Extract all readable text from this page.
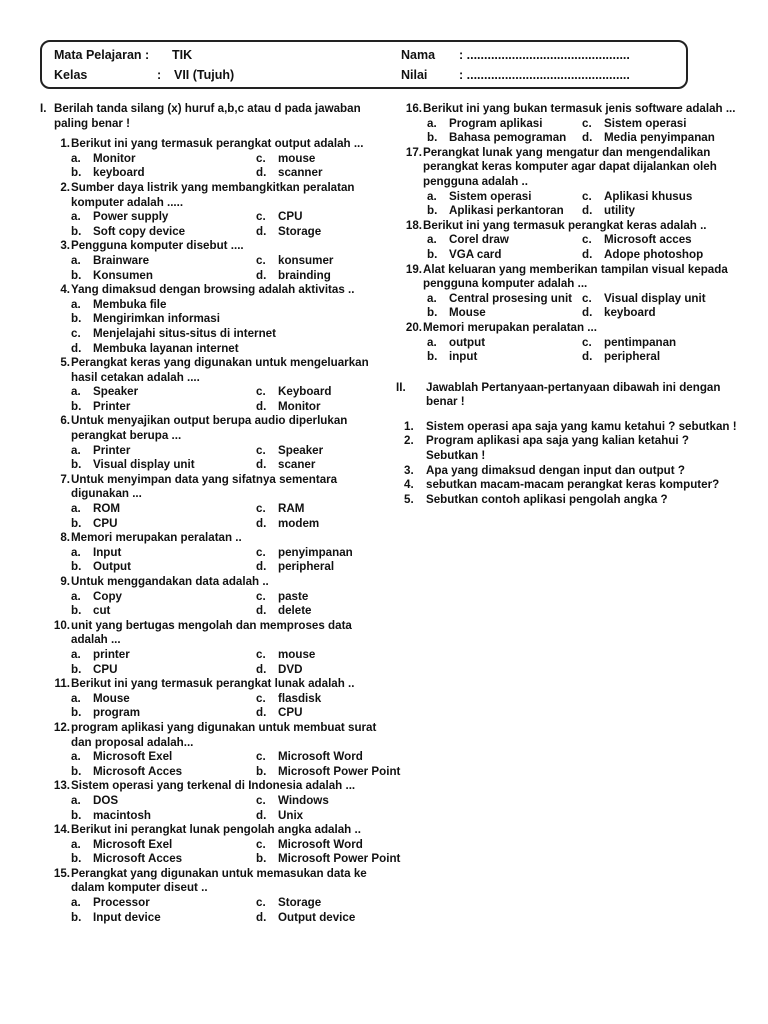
Mata Pelajaran : TIK
Kelas	: VII (Tujuh)
Nama : ...............................................
Nilai	: ...............................................
I. Berilah tanda silang (x) huruf a,b,c atau d pada jawaban paling benar !
1. Berikut ini yang termasuk perangkat output adalah ...
a.	Monitor	c.	mouse
b.	keyboard	d.	scanner
2. Sumber daya listrik yang membangkitkan peralatan komputer adalah .....
a.	Power supply	c.	CPU
b.	Soft copy device	d.	Storage
3. Pengguna komputer disebut ....
a.	Brainware	c.	konsumer
b.	Konsumen	d.	brainding
4. Yang dimaksud dengan browsing adalah aktivitas ..
a.	Membuka file
b.	Mengirimkan informasi
c.	Menjelajahi situs-situs di internet
d.	Membuka layanan internet
5. Perangkat keras yang digunakan untuk mengeluarkan hasil cetakan adalah ....
a.	Speaker	c.	Keyboard
b.	Printer	d.	Monitor
6. Untuk menyajikan output berupa audio diperlukan perangkat berupa ...
a.	Printer	c.	Speaker
b.	Visual display unit	d.	scaner
7. Untuk menyimpan data yang sifatnya sementara digunakan ...
a.	ROM	c.	RAM
b.	CPU	d.	modem
8. Memori merupakan peralatan ..
a.	Input	c.	penyimpanan
b.	Output	d.	peripheral
9. Untuk menggandakan data adalah ..
a.	Copy	c.	paste
b.	cut	d.	delete
10. unit yang bertugas mengolah dan memproses data adalah ...
a.	printer	c.	mouse
b.	CPU	d.	DVD
11. Berikut ini yang termasuk perangkat lunak adalah ..
a.	Mouse	c.	flasdisk
b.	program	d.	CPU
12. program aplikasi yang digunakan untuk membuat surat dan proposal adalah...
a.	Microsoft Exel	c.	Microsoft Word
b.	Microsoft Acces	b.	Microsoft Power Point
13. Sistem operasi yang terkenal di Indonesia adalah ...
a.	DOS	c.	Windows
b.	macintosh	d.	Unix
14. Berikut ini perangkat lunak pengolah angka adalah ..
a.	Microsoft Exel	c.	Microsoft Word
b.	Microsoft Acces	b.	Microsoft Power Point
15. Perangkat yang digunakan untuk memasukan data ke dalam komputer diseut ..
a.	Processor	c.	Storage
b.	Input device	d.	Output device
16. Berikut ini yang bukan termasuk jenis software adalah ...
a.	Program aplikasi	c.	Sistem operasi
b.	Bahasa pemograman d.	Media penyimpanan
17. Perangkat lunak yang mengatur dan mengendalikan perangkat keras komputer agar dapat dijalankan oleh pengguna adalah ..
a.	Sistem operasi	c.	Aplikasi khusus
b.	Aplikasi perkantoran d.	utility
18. Berikut ini yang termasuk perangkat keras adalah ..
a.	Corel draw	c.	Microsoft acces
b.	VGA card	d.	Adope photoshop
19. Alat keluaran yang memberikan tampilan visual kepada pengguna komputer adalah ...
a.	Central prosesing unit c.	Visual display unit
b.	Mouse	d.	keyboard
20. Memori merupakan peralatan ...
a.	output	c.	pentimpanan
b.	input	d.	peripheral
II.	Jawablah Pertanyaan-pertanyaan dibawah ini dengan benar !
1.	Sistem operasi apa saja yang kamu ketahui ? sebutkan !
2.	Program aplikasi apa saja yang kalian ketahui ? Sebutkan !
3.	Apa yang dimaksud dengan input dan output ?
4.	sebutkan macam-macam perangkat keras komputer?
5.	Sebutkan contoh aplikasi pengolah angka ?
